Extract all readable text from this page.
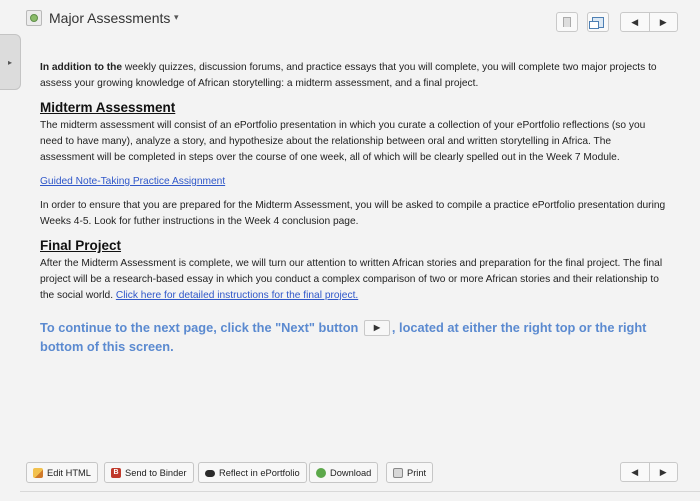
▸
Major Assessments ▾	◀	▶

In addition to the weekly quizzes, discussion forums, and practice essays that you will complete, you will complete two major projects to assess your growing knowledge of African storytelling: a midterm assessment, and a final project.

Midterm Assessment

The midterm assessment will consist of an ePortfolio presentation in which you curate a collection of your ePortfolio reflections (so you need to have many), analyze a story, and hypothesize about the relationship between oral and written storytelling in Africa. The assessment will be completed in steps over the course of one week, all of which will be clearly spelled out in the Week 7 Module.

Guided Note-Taking Practice Assignment

In order to ensure that you are prepared for the Midterm Assessment, you will be asked to compile a practice ePortfolio presentation during Weeks 4-5. Look for futher instructions in the Week 4 conclusion page.

Final Project

After the Midterm Assessment is complete, we will turn our attention to written African stories and preparation for the final project. The final project will be a research-based essay in which you conduct a complex comparison of two or more African stories and their relationship to the social world. Click here for detailed instructions for the final project.

To continue to the next page, click the "Next" button ▶ , located at either the right top or the right bottom of this screen.
Edit HTML	B Send to Binder	Reflect in ePortfolio	Download	Print	◀	▶
